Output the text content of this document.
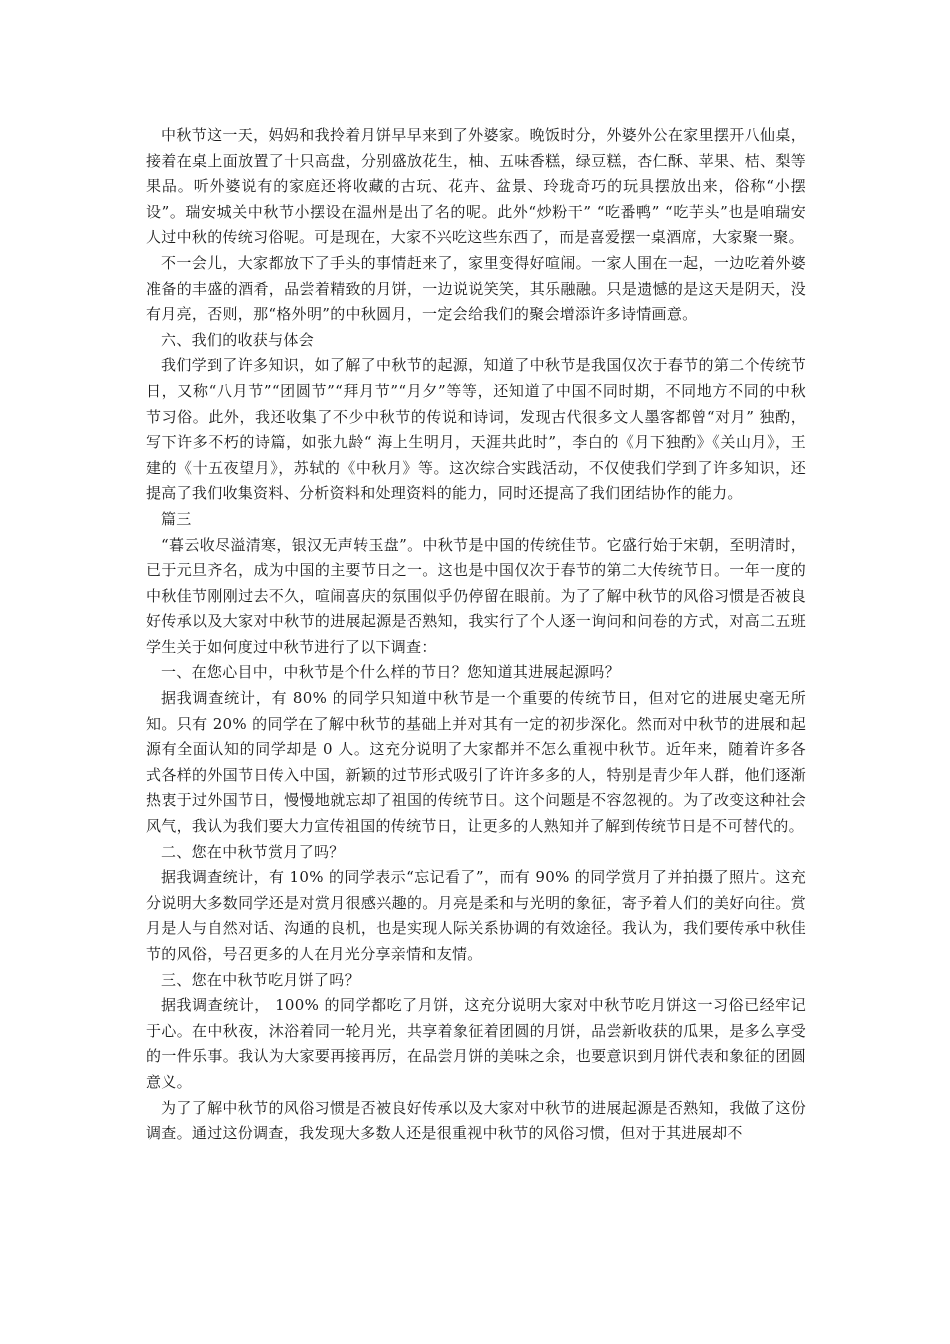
中秋节这一天，妈妈和我拎着月饼早早来到了外婆家。晚饭时分，外婆外公在家里摆开八仙桌，接着在桌上面放置了十只高盘，分别盛放花生，柚、五味香糕，绿豆糕，杏仁酥、苹果、桔、梨等果品。听外婆说有的家庭还将收藏的古玩、花卉、盆景、玲珑奇巧的玩具摆放出来，俗称“小摆设”。瑞安城关中秋节小摆设在温州是出了名的呢。此外“炒粉干” “吃番鸭” “吃芋头”也是咱瑞安人过中秋的传统习俗呢。可是现在，大家不兴吃这些东西了，而是喜爱摆一桌酒席，大家聚一聚。

不一会儿，大家都放下了手头的事情赶来了，家里变得好喧闹。一家人围在一起，一边吃着外婆准备的丰盛的酒肴，品尝着精致的月饼，一边说说笑笑，其乐融融。只是遗憾的是这天是阴天，没有月亮，否则，那“格外明”的中秋圆月，一定会给我们的聚会增添许多诗情画意。

六、我们的收获与体会

我们学到了许多知识，如了解了中秋节的起源，知道了中秋节是我国仅次于春节的第二个传统节日，又称“八月节”“团圆节”“拜月节”“月夕”等等，还知道了中国不同时期，不同地方不同的中秋节习俗。此外，我还收集了不少中秋节的传说和诗词，发现古代很多文人墨客都曾“对月” 独酌，写下许多不朽的诗篇，如张九龄“ 海上生明月，天涯共此时”，李白的《月下独酌》《关山月》，王建的《十五夜望月》，苏轼的《中秋月》等。这次综合实践活动，不仅使我们学到了许多知识，还提高了我们收集资料、分析资料和处理资料的能力，同时还提高了我们团结协作的能力。

篇三

“暮云收尽溢清寒，银汉无声转玉盘”。中秋节是中国的传统佳节。它盛行始于宋朝，至明清时，已于元旦齐名，成为中国的主要节日之一。这也是中国仅次于春节的第二大传统节日。一年一度的中秋佳节刚刚过去不久，喧闹喜庆的氛围似乎仍停留在眼前。为了了解中秋节的风俗习惯是否被良好传承以及大家对中秋节的进展起源是否熟知，我实行了个人逐一询问和问卷的方式，对高二五班学生关于如何度过中秋节进行了以下调查：

一、在您心目中，中秋节是个什么样的节日？您知道其进展起源吗？

据我调查统计，有 80% 的同学只知道中秋节是一个重要的传统节日，但对它的进展史毫无所知。只有 20% 的同学在了解中秋节的基础上并对其有一定的初步深化。然而对中秋节的进展和起源有全面认知的同学却是 0 人。这充分说明了大家都并不怎么重视中秋节。近年来，随着许多各式各样的外国节日传入中国，新颖的过节形式吸引了许许多多的人，特别是青少年人群，他们逐渐热衷于过外国节日，慢慢地就忘却了祖国的传统节日。这个问题是不容忽视的。为了改变这种社会风气，我认为我们要大力宣传祖国的传统节日，让更多的人熟知并了解到传统节日是不可替代的。

二、您在中秋节赏月了吗？

据我调查统计，有 10% 的同学表示“忘记看了”，而有 90% 的同学赏月了并拍摄了照片。这充分说明大多数同学还是对赏月很感兴趣的。月亮是柔和与光明的象征，寄予着人们的美好向往。赏月是人与自然对话、沟通的良机，也是实现人际关系协调的有效途径。我认为，我们要传承中秋佳节的风俗，号召更多的人在月光分享亲情和友情。

三、您在中秋节吃月饼了吗？

据我调查统计， 100% 的同学都吃了月饼，这充分说明大家对中秋节吃月饼这一习俗已经牢记于心。在中秋夜，沐浴着同一轮月光，共享着象征着团圆的月饼，品尝新收获的瓜果，是多么享受的一件乐事。我认为大家要再接再厉，在品尝月饼的美味之余，也要意识到月饼代表和象征的团圆意义。

为了了解中秋节的风俗习惯是否被良好传承以及大家对中秋节的进展起源是否熟知，我做了这份调查。通过这份调查，我发现大多数人还是很重视中秋节的风俗习惯，但对于其进展却不
